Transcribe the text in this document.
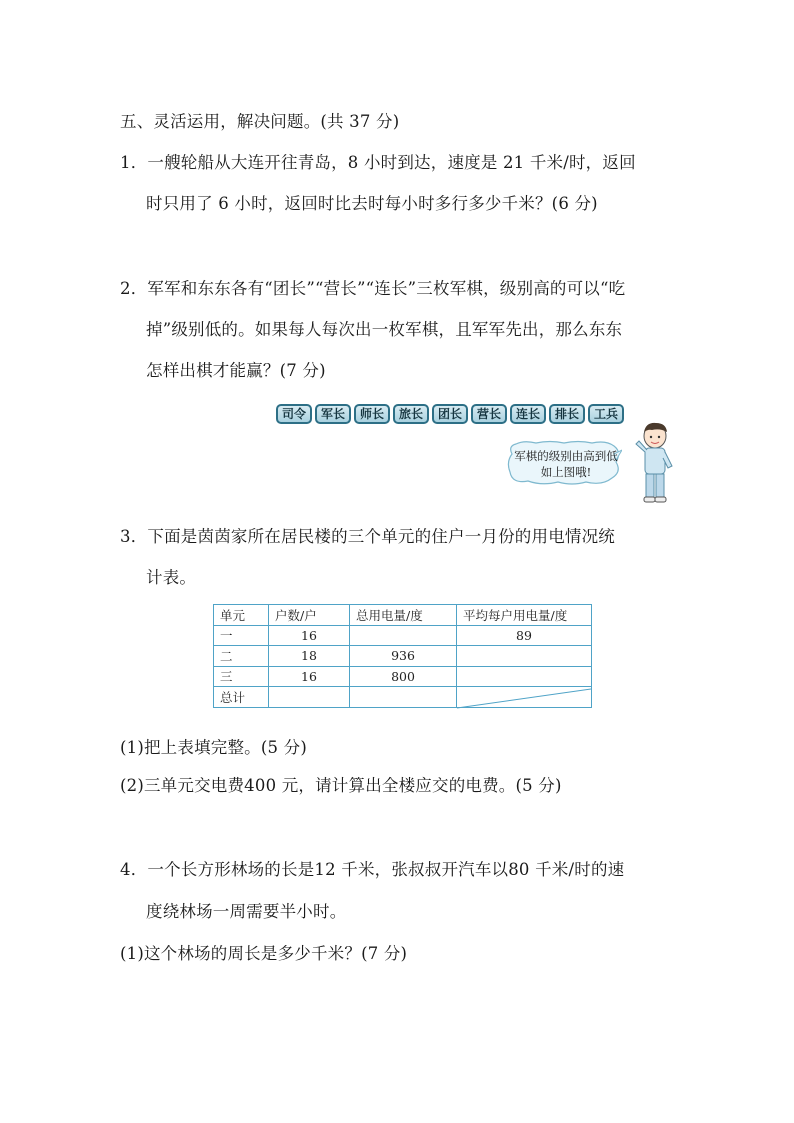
五、灵活运用，解决问题。(共 37 分)
1．一艘轮船从大连开往青岛，8 小时到达，速度是 21 千米/时，返回
时只用了 6 小时，返回时比去时每小时多行多少千米？(6 分)
2．军军和东东各有“团长”“营长”“连长”三枚军棋，级别高的可以“吃
掉”级别低的。如果每人每次出一枚军棋，且军军先出，那么东东
怎样出棋才能赢？(7 分)
司令	军长	师长	旅长	团长	营长	连长	排长	工兵
军棋的级别由高到低如上图哦!
3．下面是茵茵家所在居民楼的三个单元的住户一月份的用电情况统
计表。
单元	户数/户	总用电量/度	平均每户用电量/度
一	16		89
二	18	936	
三	16	800	
总计			
(1)把上表填完整。(5 分)
(2)三单元交电费400 元，请计算出全楼应交的电费。(5 分)
4．一个长方形林场的长是12 千米，张叔叔开汽车以80 千米/时的速
度绕林场一周需要半小时。
(1)这个林场的周长是多少千米？(7 分)
